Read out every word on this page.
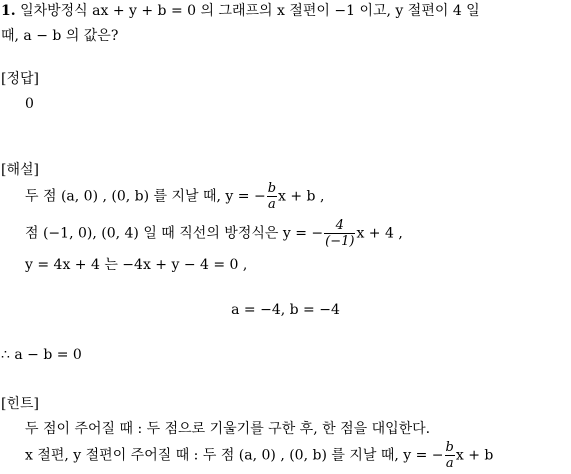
1. 일차방정식 ax + y + b = 0 의 그래프의 x 절편이 −1 이고, y 절편이 4 일
때, a − b 의 값은?
[정답]
0
[해설]
두 점 (a, 0) , (0, b) 를 지날 때, y = − $\frac{b}{a}$ x + b ,
점 (−1, 0), (0, 4) 일 때 직선의 방정식은 y = − $\frac{4}{(-1)}$ x + 4 ,
y = 4x + 4 는 −4x + y − 4 = 0 ,
a = −4, b = −4
∴ a − b = 0
[힌트]
두 점이 주어질 때 : 두 점으로 기울기를 구한 후, 한 점을 대입한다.
x 절편, y 절편이 주어질 때 : 두 점 (a, 0) , (0, b) 를 지날 때, y = − $\frac{b}{a}$ x + b
